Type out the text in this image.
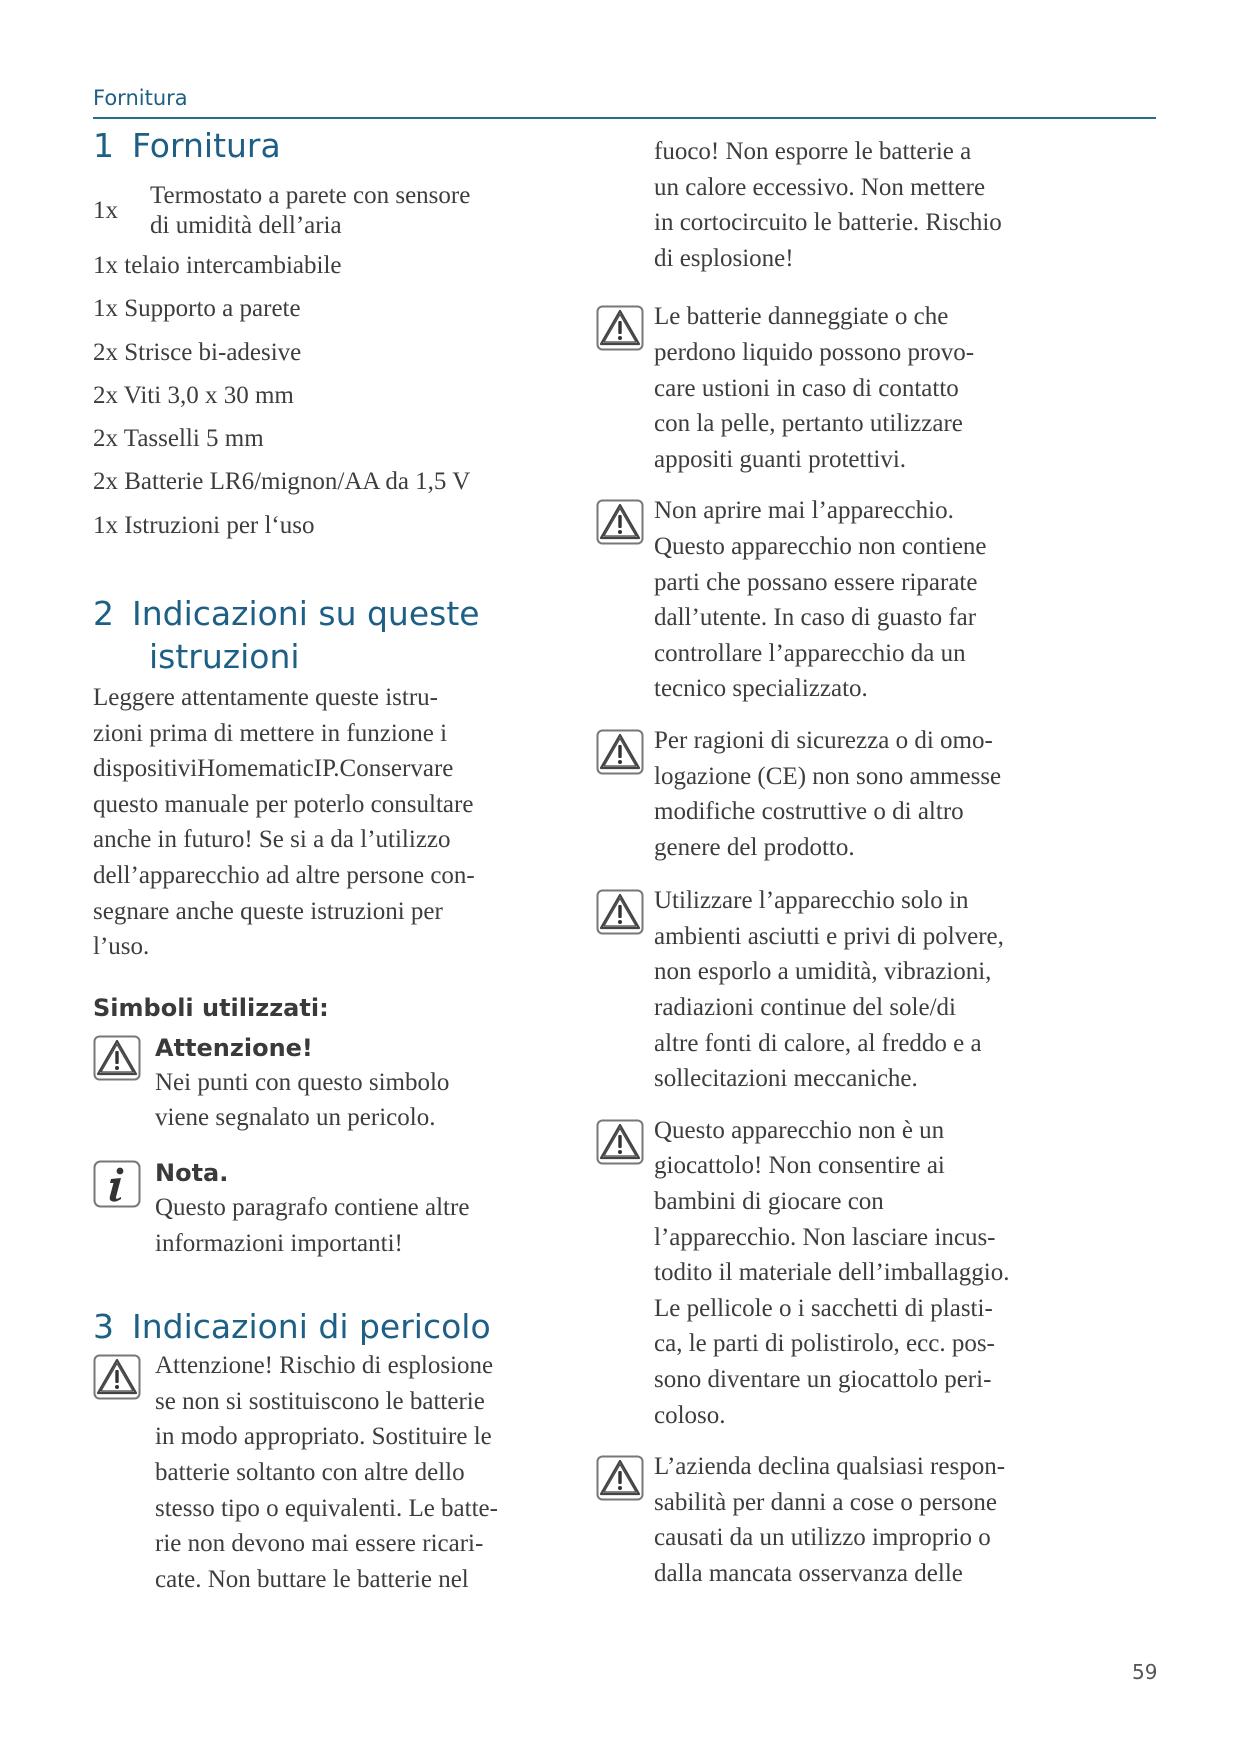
Fornitura
1 Fornitura
1x
Termostato a parete con sensore
di umidità dell’aria
1x telaio intercambiabile
1x Supporto a parete
2x Strisce bi-adesive
2x Viti 3,0 x 30 mm
2x Tasselli 5 mm
2x Batterie LR6/mignon/AA da 1,5 V
1x Istruzioni per l‘uso
2 Indicazioni su queste
istruzioni
Leggere attentamente queste istru-
zioni prima di mettere in funzione i
dispositiviHomematicIP.Conservare
questo manuale per poterlo consultare
anche in futuro! Se si a da l’utilizzo
dell’apparecchio ad altre persone con-
segnare anche queste istruzioni per
l’uso.
Simboli utilizzati:
Attenzione!
Nei punti con questo simbolo
viene segnalato un pericolo.
Nota.
Questo paragrafo contiene altre
informazioni importanti!
3 Indicazioni di pericolo
Attenzione! Rischio di esplosione
se non si sostituiscono le batterie
in modo appropriato. Sostituire le
batterie soltanto con altre dello
stesso tipo o equivalenti. Le batte-
rie non devono mai essere ricari-
cate. Non buttare le batterie nel
fuoco! Non esporre le batterie a
un calore eccessivo. Non mettere
in cortocircuito le batterie. Rischio
di esplosione!
Le batterie danneggiate o che
perdono liquido possono provo-
care ustioni in caso di contatto
con la pelle, pertanto utilizzare
appositi guanti protettivi.
Non aprire mai l’apparecchio.
Questo apparecchio non contiene
parti che possano essere riparate
dall’utente. In caso di guasto far
controllare l’apparecchio da un
tecnico specializzato.
Per ragioni di sicurezza o di omo-
logazione (CE) non sono ammesse
modifiche costruttive o di altro
genere del prodotto.
Utilizzare l’apparecchio solo in
ambienti asciutti e privi di polvere,
non esporlo a umidità, vibrazioni,
radiazioni continue del sole/di
altre fonti di calore, al freddo e a
sollecitazioni meccaniche.
Questo apparecchio non è un
giocattolo! Non consentire ai
bambini di giocare con
l’apparecchio. Non lasciare incus-
todito il materiale dell’imballaggio.
Le pellicole o i sacchetti di plasti-
ca, le parti di polistirolo, ecc. pos-
sono diventare un giocattolo peri-
coloso.
L’azienda declina qualsiasi respon-
sabilità per danni a cose o persone
causati da un utilizzo improprio o
dalla mancata osservanza delle
59
